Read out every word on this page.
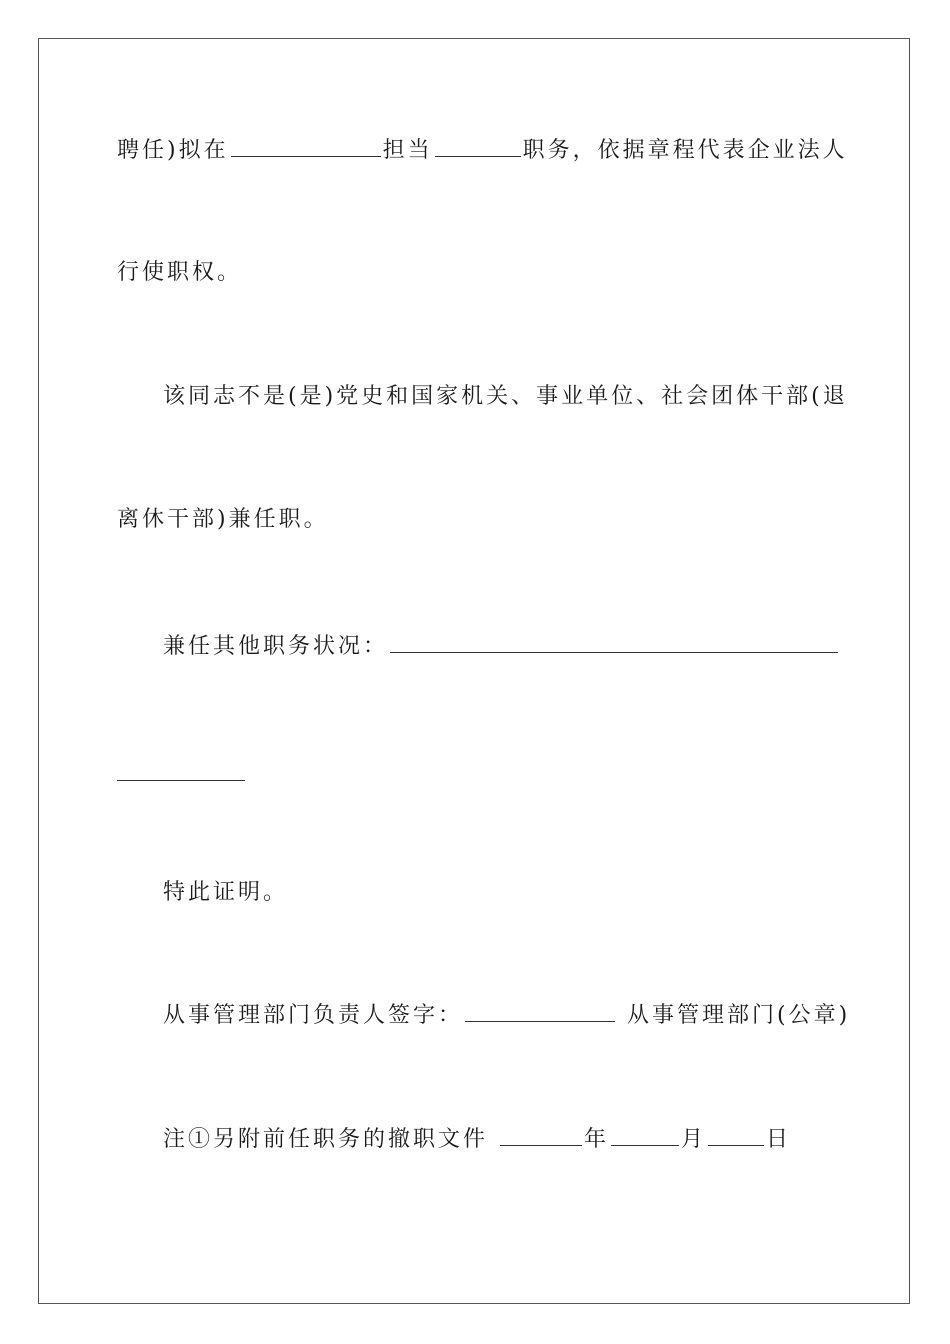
聘任)拟在	担当	职务，依据章程代表企业法人
行使职权。
该同志不是(是)党史和国家机关、事业单位、社会团体干部(退
离休干部)兼任职。
兼任其他职务状况：
特此证明。
从事管理部门负责人签字：	从事管理部门(公章)
注①另附前任职务的撤职文件	年	月	日
